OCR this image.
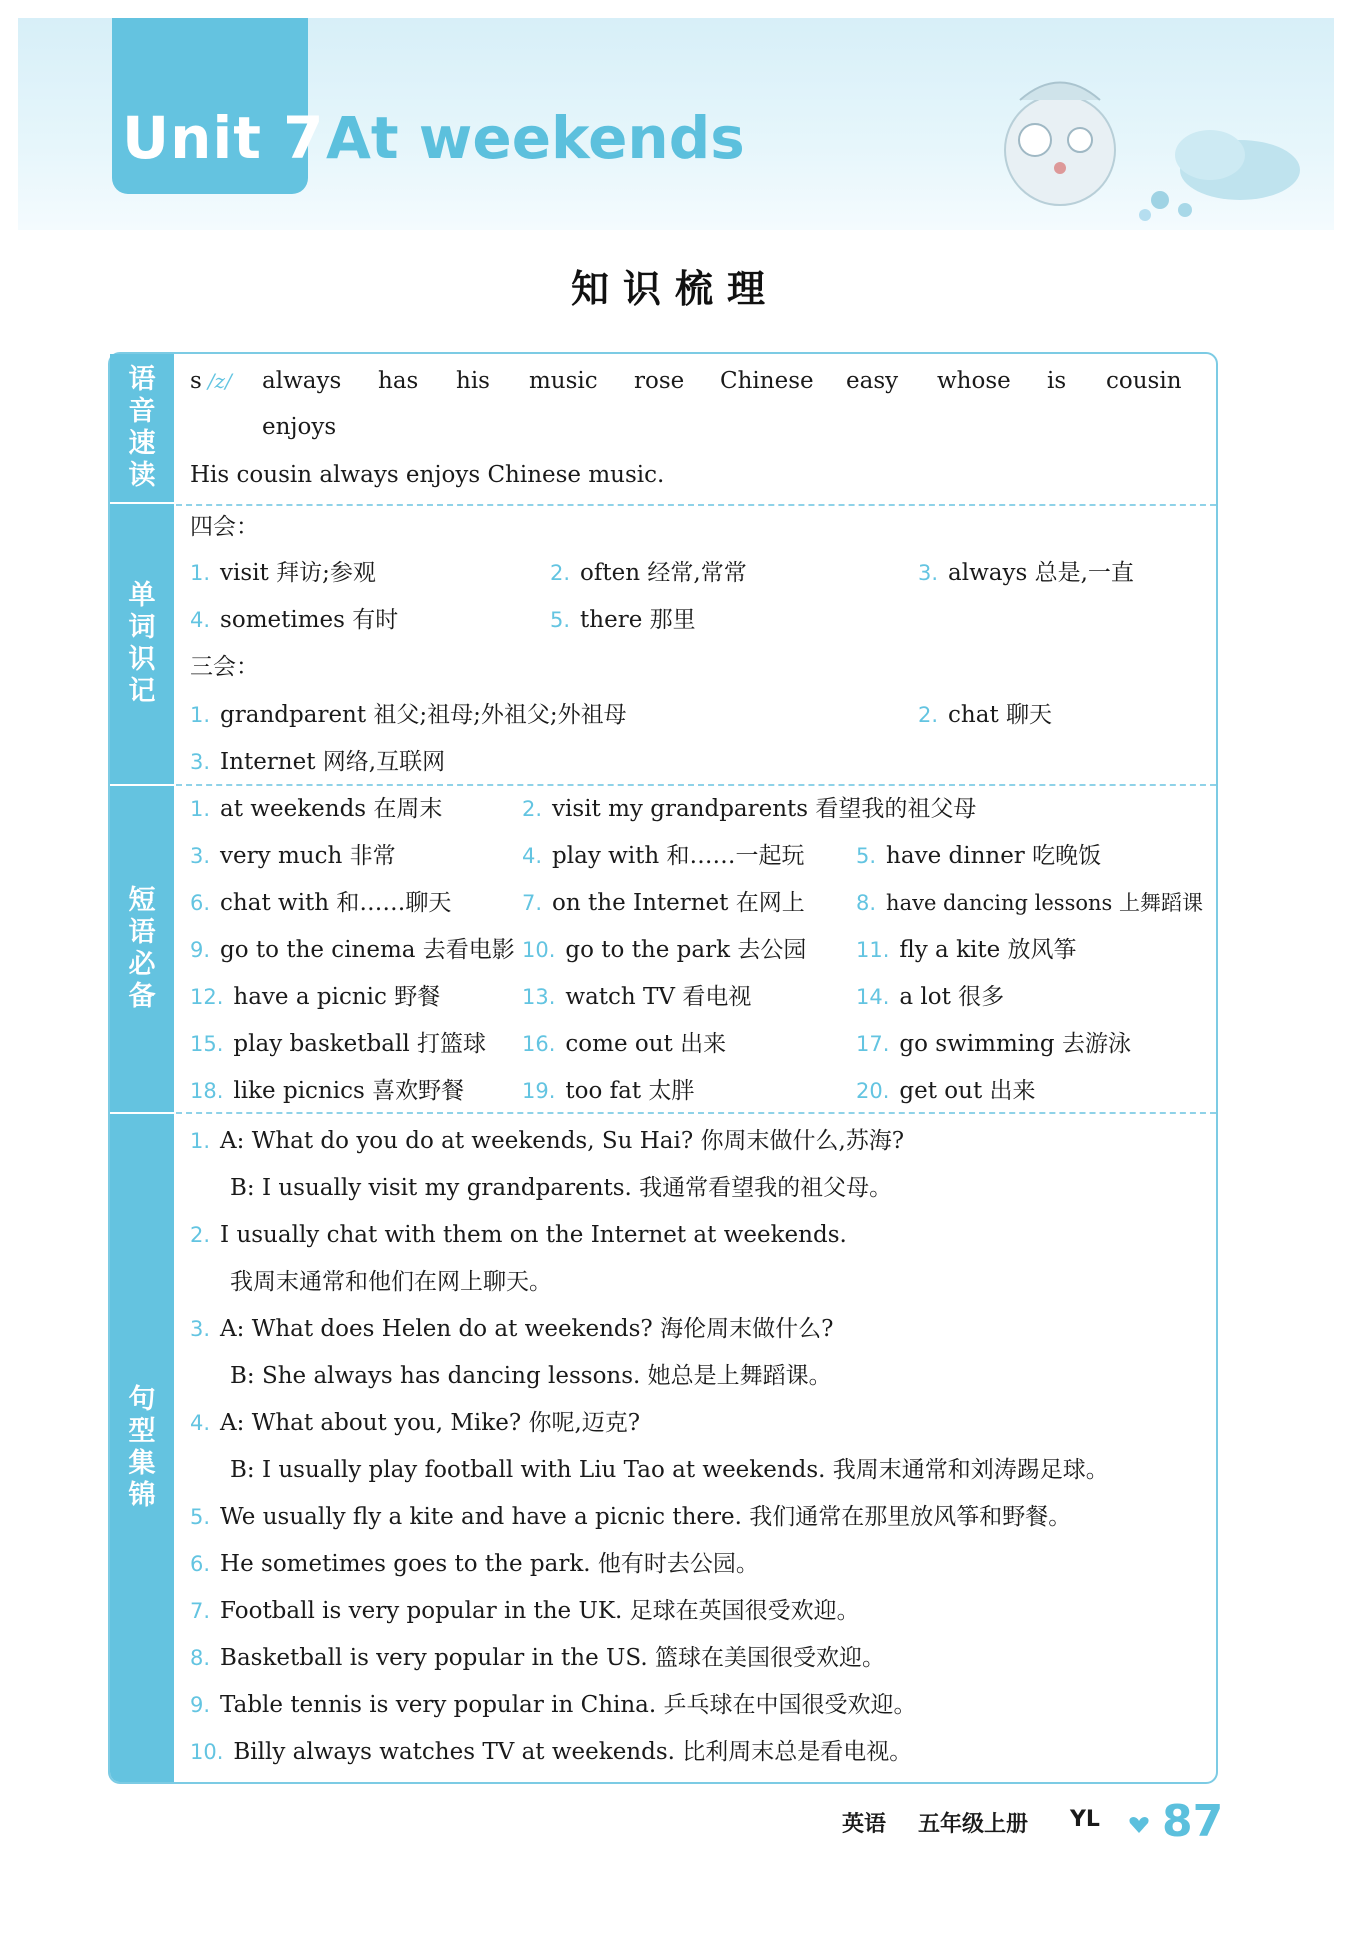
Unit 7 At weekends
知识梳理
语音速读
单词识记
短语必备
句型集锦
s /z/ always has his music rose Chinese easy whose is cousin
enjoys
His cousin always enjoys Chinese music.
四会：
1. visit 拜访;参观	2. often 经常,常常	3. always 总是,一直
4. sometimes 有时	5. there 那里
三会：
1. grandparent 祖父;祖母;外祖父;外祖母	2. chat 聊天
3. Internet 网络,互联网
1. at weekends 在周末	2. visit my grandparents 看望我的祖父母
3. very much 非常	4. play with 和……一起玩 5. have dinner 吃晚饭
6. chat with 和……聊天	7. on the Internet 在网上 8. have dancing lessons 上舞蹈课
9. go to the cinema 去看电影 10. go to the park 去公园 11. fly a kite 放风筝
12. have a picnic 野餐	13. watch TV 看电视	14. a lot 很多
15. play basketball 打篮球 16. come out 出来	17. go swimming 去游泳
18. like picnics 喜欢野餐	19. too fat 太胖	20. get out 出来
1. A: What do you do at weekends, Su Hai? 你周末做什么,苏海?
B: I usually visit my grandparents. 我通常看望我的祖父母。
2. I usually chat with them on the Internet at weekends.
我周末通常和他们在网上聊天。
3. A: What does Helen do at weekends? 海伦周末做什么?
B: She always has dancing lessons. 她总是上舞蹈课。
4. A: What about you, Mike? 你呢,迈克?
B: I usually play football with Liu Tao at weekends. 我周末通常和刘涛踢足球。
5. We usually fly a kite and have a picnic there. 我们通常在那里放风筝和野餐。
6. He sometimes goes to the park. 他有时去公园。
7. Football is very popular in the UK. 足球在英国很受欢迎。
8. Basketball is very popular in the US. 篮球在美国很受欢迎。
9. Table tennis is very popular in China. 乒乓球在中国很受欢迎。
10. Billy always watches TV at weekends. 比利周末总是看电视。
英语 五年级上册 YL 87
